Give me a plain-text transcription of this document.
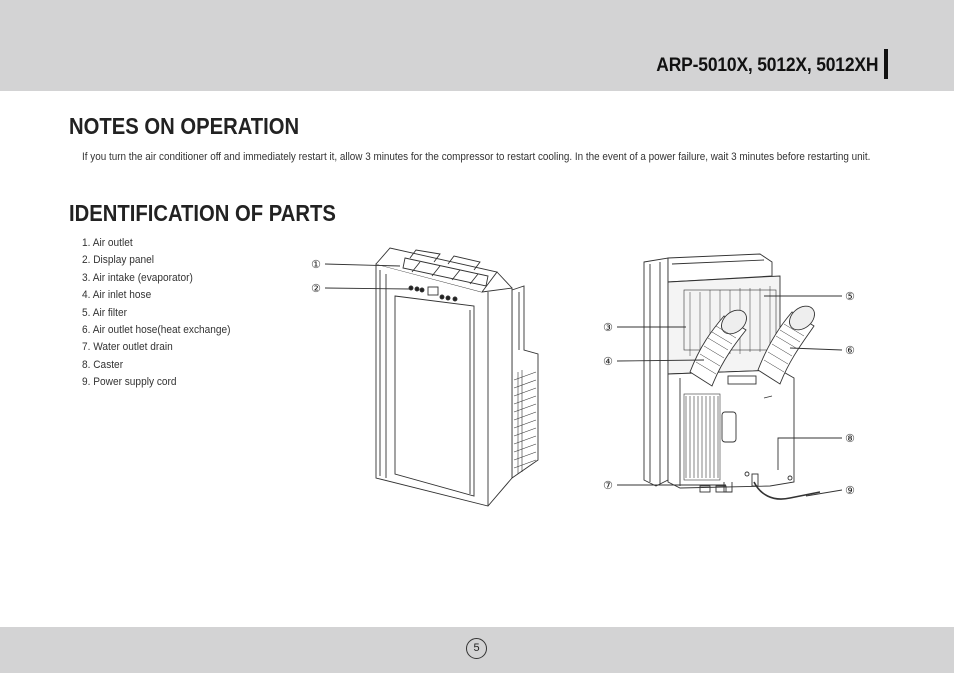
ARP-5010X, 5012X, 5012XH
NOTES ON OPERATION
If you turn the air conditioner off and immediately restart it, allow 3 minutes for the compressor to restart cooling. In the event of a power failure, wait 3 minutes before restarting unit.
IDENTIFICATION OF PARTS
1. Air outlet
2. Display panel
3. Air intake (evaporator)
4. Air inlet hose
5. Air filter
6. Air outlet hose(heat exchange)
7. Water outlet drain
8. Caster
9. Power supply cord
①
②
③
④
⑤
⑥
⑦
⑧
⑨
5
